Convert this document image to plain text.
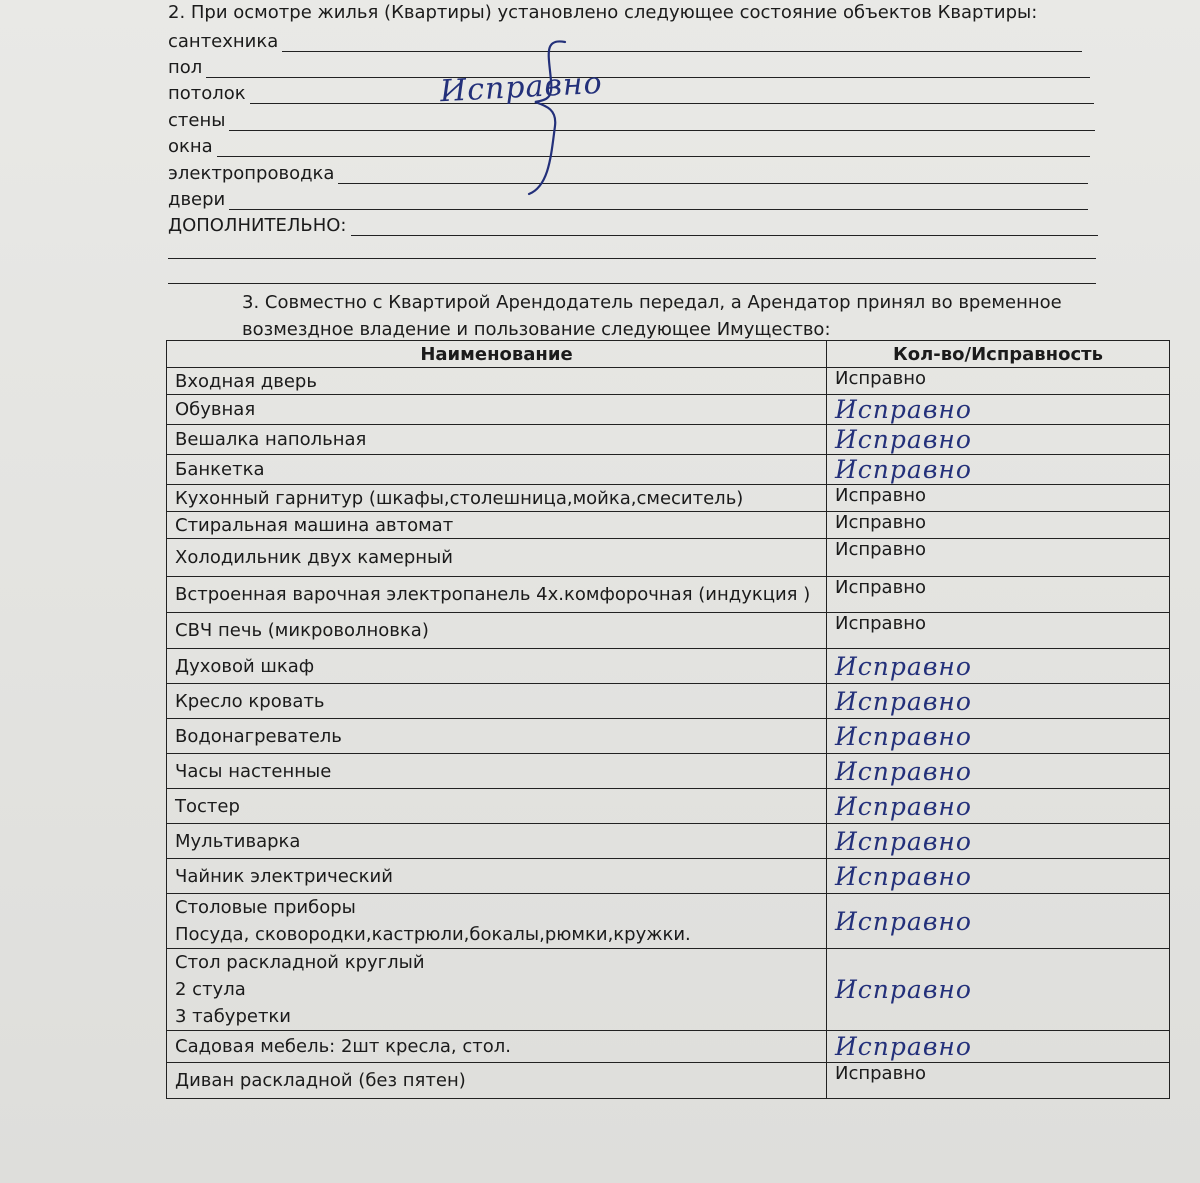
2. При осмотре жилья (Квартиры) установлено следующее состояние объектов Квартиры:
сантехника
пол
потолок
стены
окна
электропроводка
двери
ДОПОЛНИТЕЛЬНО:
Исправно
3. Совместно с Квартирой Арендодатель передал, а Арендатор принял во временное
возмездное владение и пользование следующее Имущество:
Наименование	Кол-во/Исправность
Входная дверь	Исправно
Обувная	Исправно
Вешалка напольная	Исправно
Банкетка	Исправно
Кухонный гарнитур (шкафы,столешница,мойка,смеситель)	Исправно
Стиральная машина автомат	Исправно
Холодильник двух камерный	Исправно
Встроенная варочная электропанель 4х.комфорочная (индукция )	Исправно
СВЧ печь (микроволновка)	Исправно
Духовой шкаф	Исправно
Кресло кровать	Исправно
Водонагреватель	Исправно
Часы настенные	Исправно
Тостер	Исправно
Мультиварка	Исправно
Чайник электрический	Исправно

Столовые приборы
Посуда, сковородки,кастрюли,бокалы,рюмки,кружки.	Исправно

Стол раскладной круглый
2 стула
3 табуретки	Исправно
Садовая мебель: 2шт кресла, стол.	Исправно
Диван раскладной (без пятен)	Исправно
